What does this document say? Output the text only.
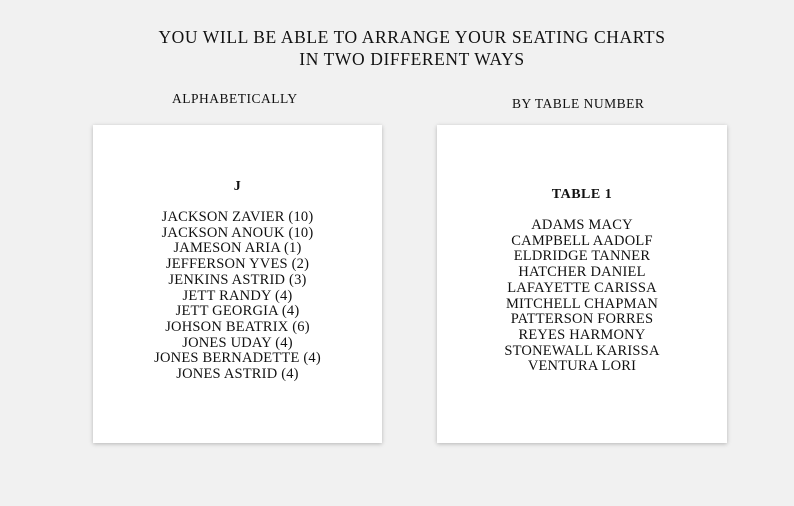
YOU WILL BE ABLE TO ARRANGE YOUR SEATING CHARTS
IN TWO DIFFERENT WAYS
ALPHABETICALLY	BY TABLE NUMBER
J
JACKSON ZAVIER (10)
JACKSON ANOUK (10)
JAMESON ARIA (1)
JEFFERSON YVES (2)
JENKINS ASTRID (3)
JETT RANDY (4)
JETT GEORGIA (4)
JOHSON BEATRIX (6)
JONES UDAY (4)
JONES BERNADETTE (4)
JONES ASTRID (4)
TABLE 1
ADAMS MACY
CAMPBELL AADOLF
ELDRIDGE TANNER
HATCHER DANIEL
LAFAYETTE CARISSA
MITCHELL CHAPMAN
PATTERSON FORRES
REYES HARMONY
STONEWALL KARISSA
VENTURA LORI
